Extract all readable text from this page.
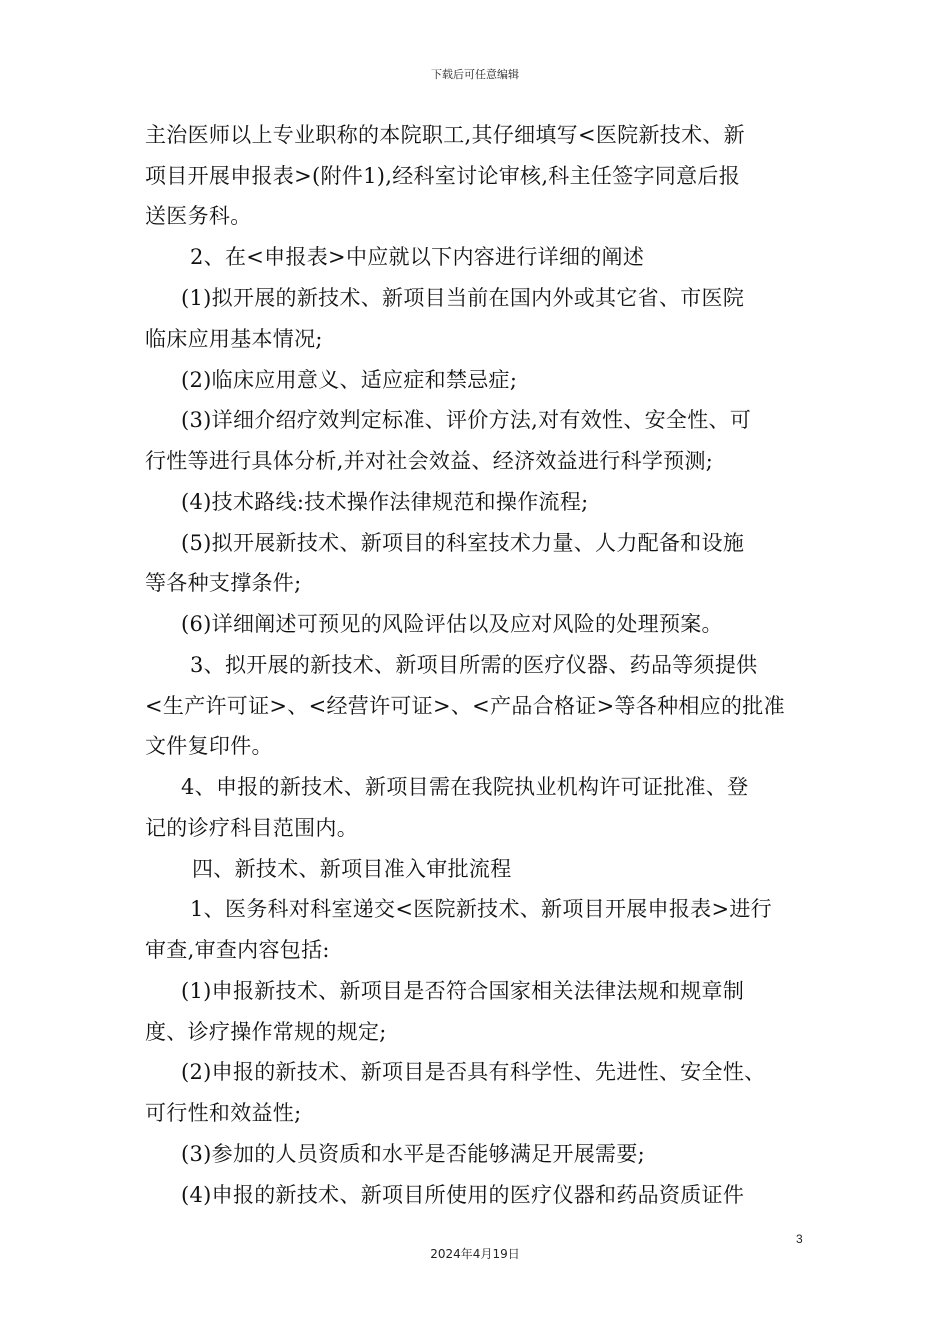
下载后可任意编辑
主治医师以上专业职称的本院职工,其仔细填写<医院新技术、新
项目开展申报表>(附件1),经科室讨论审核,科主任签字同意后报
送医务科。
2、在<申报表>中应就以下内容进行详细的阐述
(1)拟开展的新技术、新项目当前在国内外或其它省、市医院
临床应用基本情况;
(2)临床应用意义、适应症和禁忌症;
(3)详细介绍疗效判定标准、评价方法,对有效性、安全性、可
行性等进行具体分析,并对社会效益、经济效益进行科学预测;
(4)技术路线:技术操作法律规范和操作流程;
(5)拟开展新技术、新项目的科室技术力量、人力配备和设施
等各种支撑条件;
(6)详细阐述可预见的风险评估以及应对风险的处理预案。
3、拟开展的新技术、新项目所需的医疗仪器、药品等须提供
<生产许可证>、<经营许可证>、<产品合格证>等各种相应的批准
文件复印件。
4、申报的新技术、新项目需在我院执业机构许可证批准、登
记的诊疗科目范围内。
四、新技术、新项目准入审批流程
1、医务科对科室递交<医院新技术、新项目开展申报表>进行
审查,审查内容包括:
(1)申报新技术、新项目是否符合国家相关法律法规和规章制
度、诊疗操作常规的规定;
(2)申报的新技术、新项目是否具有科学性、先进性、安全性、
可行性和效益性;
(3)参加的人员资质和水平是否能够满足开展需要;
(4)申报的新技术、新项目所使用的医疗仪器和药品资质证件
3
2024年4月19日
